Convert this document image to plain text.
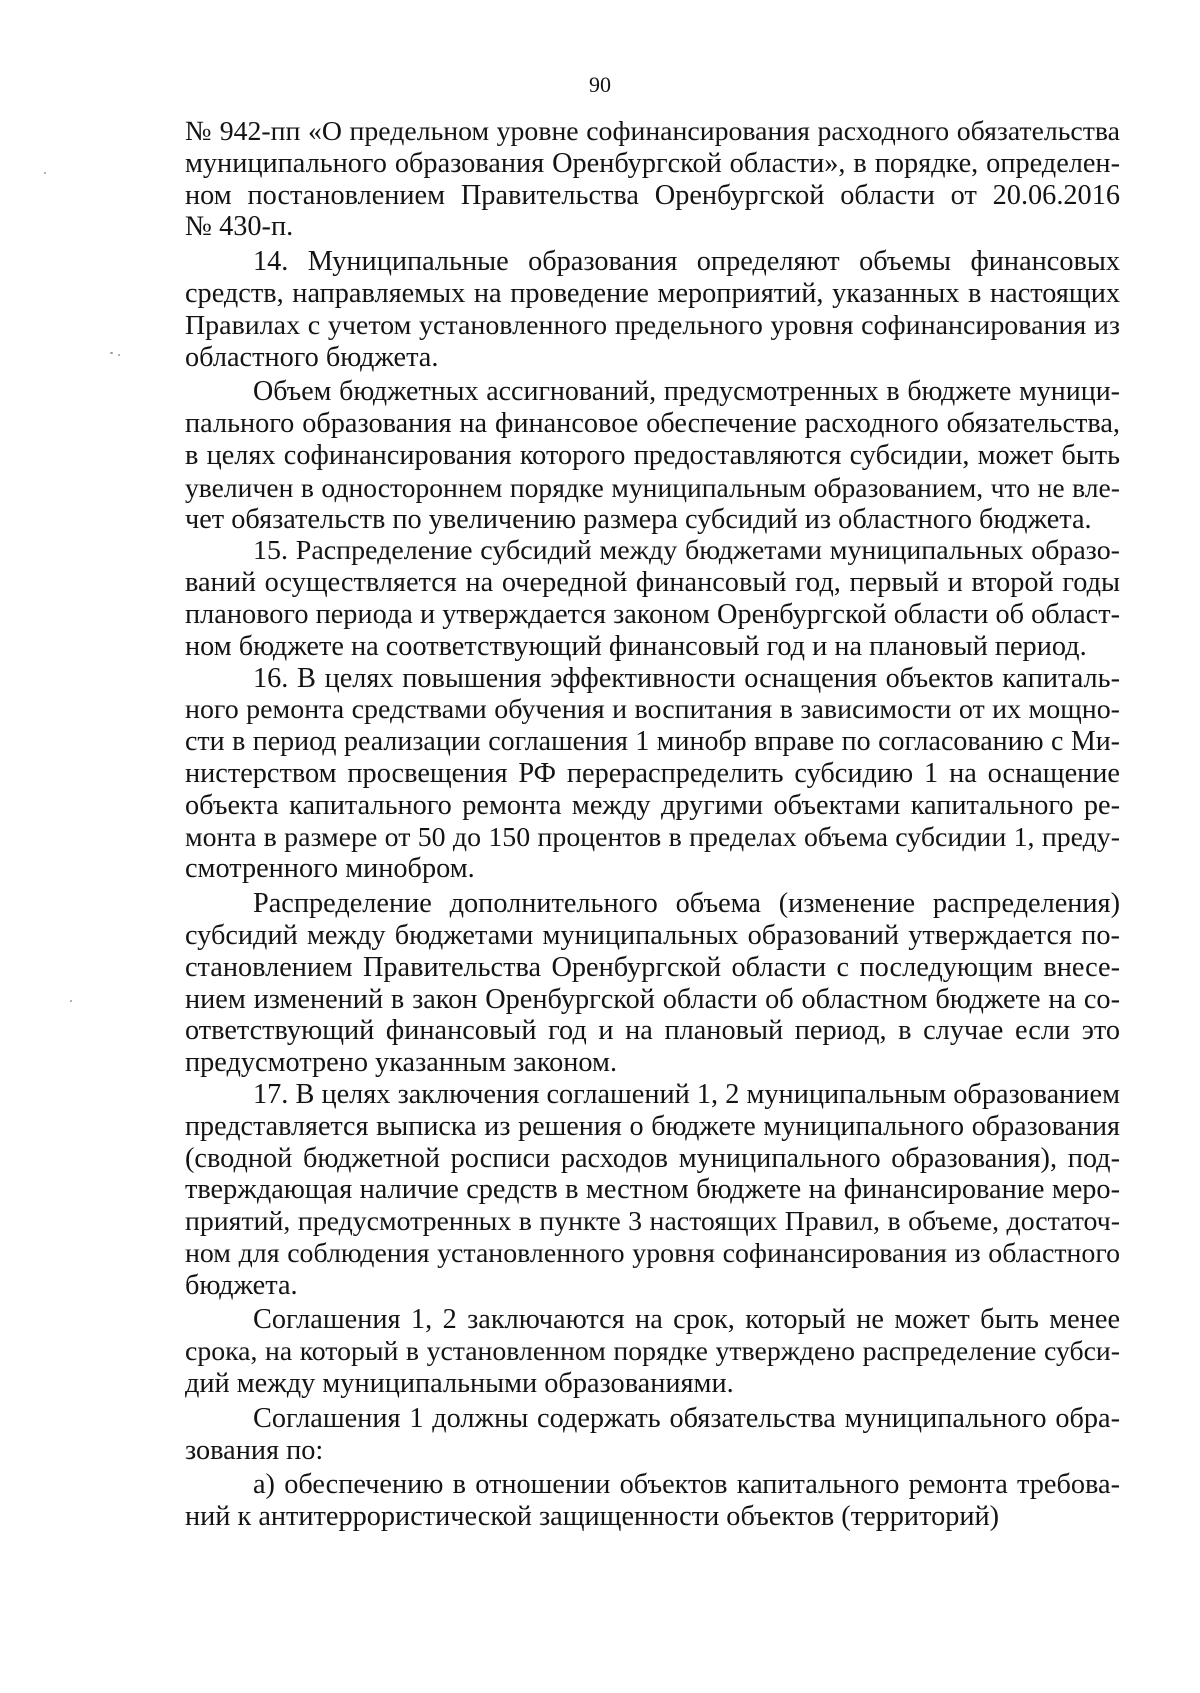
90
№ 942-пп «О предельном уровне софинансирования расходного обязательства
муниципального образования Оренбургской области», в порядке, определен-
ном постановлением Правительства Оренбургской области от 20.06.2016
№ 430-п.
14. Муниципальные образования определяют объемы финансовых
средств, направляемых на проведение мероприятий, указанных в настоящих
Правилах с учетом установленного предельного уровня софинансирования из
областного бюджета.
Объем бюджетных ассигнований, предусмотренных в бюджете муници-
пального образования на финансовое обеспечение расходного обязательства,
в целях софинансирования которого предоставляются субсидии, может быть
увеличен в одностороннем порядке муниципальным образованием, что не вле-
чет обязательств по увеличению размера субсидий из областного бюджета.
15. Распределение субсидий между бюджетами муниципальных образо-
ваний осуществляется на очередной финансовый год, первый и второй годы
планового периода и утверждается законом Оренбургской области об област-
ном бюджете на соответствующий финансовый год и на плановый период.
16. В целях повышения эффективности оснащения объектов капиталь-
ного ремонта средствами обучения и воспитания в зависимости от их мощно-
сти в период реализации соглашения 1 минобр вправе по согласованию с Ми-
нистерством просвещения РФ перераспределить субсидию 1 на оснащение
объекта капитального ремонта между другими объектами капитального ре-
монта в размере от 50 до 150 процентов в пределах объема субсидии 1, преду-
смотренного минобром.
Распределение дополнительного объема (изменение распределения)
субсидий между бюджетами муниципальных образований утверждается по-
становлением Правительства Оренбургской области с последующим внесе-
нием изменений в закон Оренбургской области об областном бюджете на со-
ответствующий финансовый год и на плановый период, в случае если это
предусмотрено указанным законом.
17. В целях заключения соглашений 1, 2 муниципальным образованием
представляется выписка из решения о бюджете муниципального образования
(сводной бюджетной росписи расходов муниципального образования), под-
тверждающая наличие средств в местном бюджете на финансирование меро-
приятий, предусмотренных в пункте 3 настоящих Правил, в объеме, достаточ-
ном для соблюдения установленного уровня софинансирования из областного
бюджета.
Соглашения 1, 2 заключаются на срок, который не может быть менее
срока, на который в установленном порядке утверждено распределение субси-
дий между муниципальными образованиями.
Соглашения 1 должны содержать обязательства муниципального обра-
зования по:
а) обеспечению в отношении объектов капитального ремонта требова-
ний к антитеррористической защищенности объектов (территорий)
